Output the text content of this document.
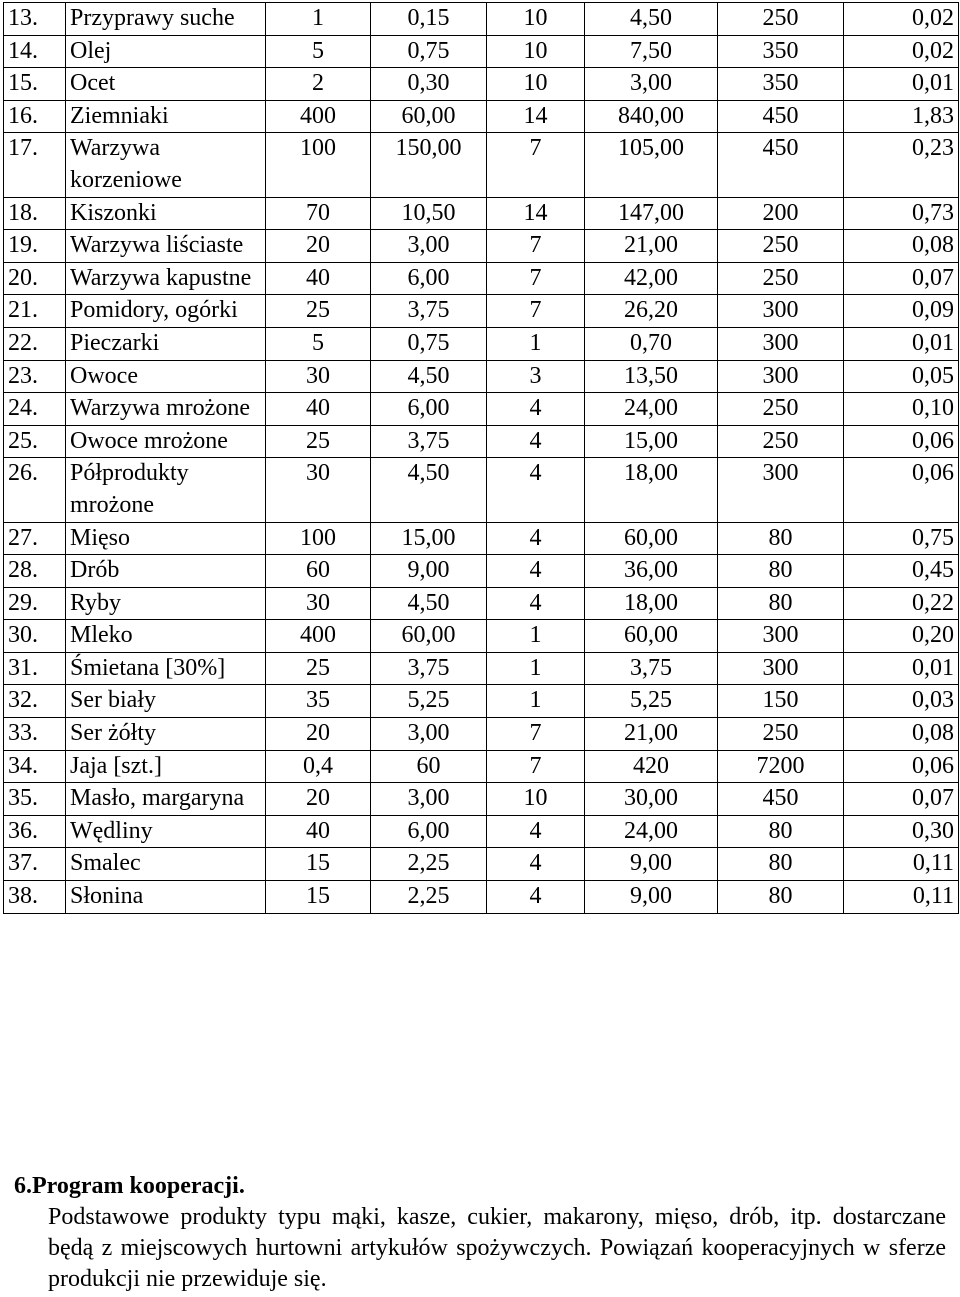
13.	Przyprawy suche	1	0,15	10	4,50	250	0,02
14.	Olej	5	0,75	10	7,50	350	0,02
15.	Ocet	2	0,30	10	3,00	350	0,01
16.	Ziemniaki	400	60,00	14	840,00	450	1,83
17.	Warzywa korzeniowe	100	150,00	7	105,00	450	0,23
18.	Kiszonki	70	10,50	14	147,00	200	0,73
19.	Warzywa liściaste	20	3,00	7	21,00	250	0,08
20.	Warzywa kapustne	40	6,00	7	42,00	250	0,07
21.	Pomidory, ogórki	25	3,75	7	26,20	300	0,09
22.	Pieczarki	5	0,75	1	0,70	300	0,01
23.	Owoce	30	4,50	3	13,50	300	0,05
24.	Warzywa mrożone	40	6,00	4	24,00	250	0,10
25.	Owoce mrożone	25	3,75	4	15,00	250	0,06
26.	Półprodukty mrożone	30	4,50	4	18,00	300	0,06
27.	Mięso	100	15,00	4	60,00	80	0,75
28.	Drób	60	9,00	4	36,00	80	0,45
29.	Ryby	30	4,50	4	18,00	80	0,22
30.	Mleko	400	60,00	1	60,00	300	0,20
31.	Śmietana [30%]	25	3,75	1	3,75	300	0,01
32.	Ser biały	35	5,25	1	5,25	150	0,03
33.	Ser żółty	20	3,00	7	21,00	250	0,08
34.	Jaja [szt.]	0,4	60	7	420	7200	0,06
35.	Masło, margaryna	20	3,00	10	30,00	450	0,07
36.	Wędliny	40	6,00	4	24,00	80	0,30
37.	Smalec	15	2,25	4	9,00	80	0,11
38.	Słonina	15	2,25	4	9,00	80	0,11
6.Program kooperacji.

Podstawowe produkty typu mąki, kasze, cukier, makarony, mięso, drób, itp. dostarczane będą z miejscowych hurtowni artykułów spożywczych. Powiązań kooperacyjnych w sferze produkcji nie przewiduje się.
